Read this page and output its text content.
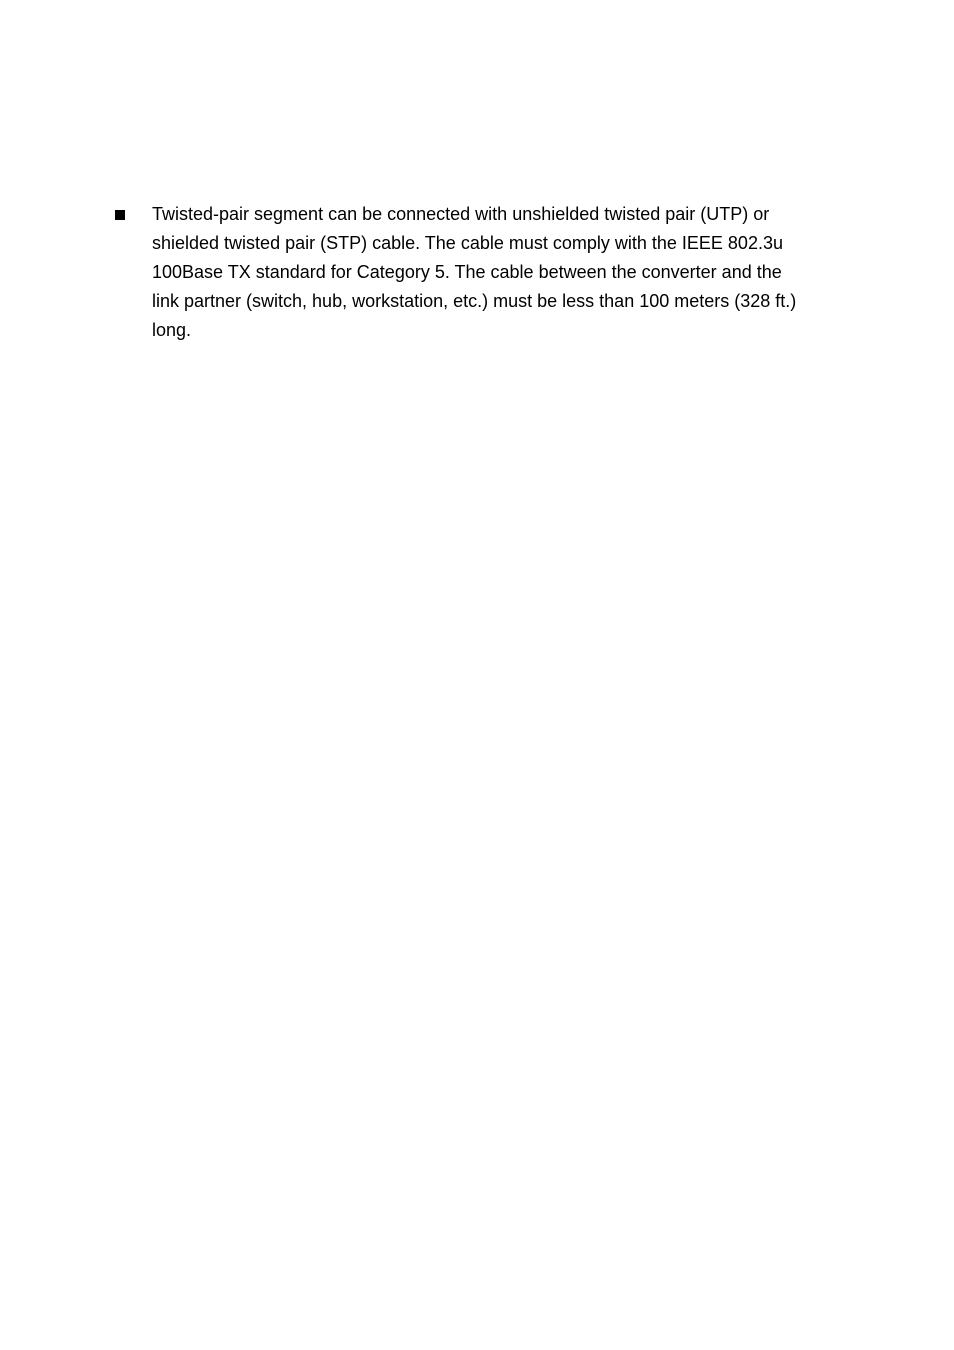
Twisted-pair segment can be connected with unshielded twisted pair (UTP) or
shielded twisted pair (STP) cable. The cable must comply with the IEEE 802.3u
100Base TX standard for Category 5. The cable between the converter and the
link partner (switch, hub, workstation, etc.) must be less than 100 meters (328 ft.)
long.
